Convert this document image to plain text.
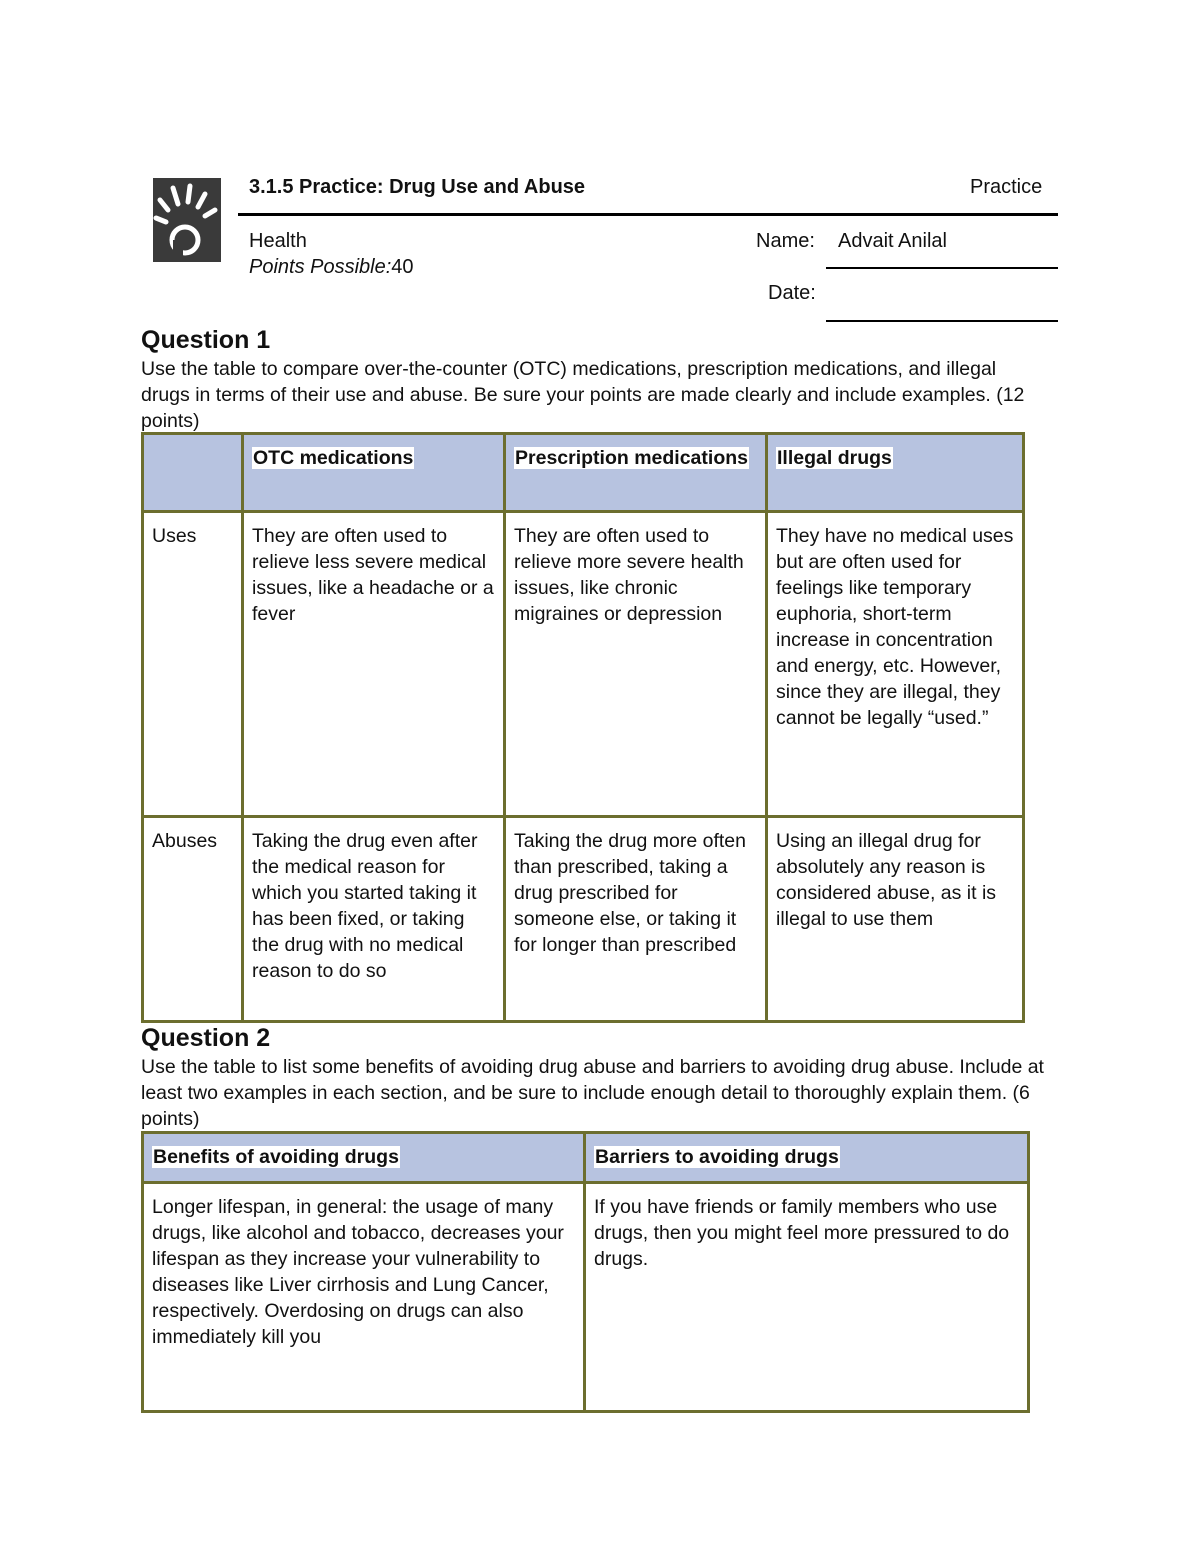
3.1.5 Practice: Drug Use and Abuse	Practice
Health
Points Possible:40
Name: Advait Anilal
Date:
Question 1
Use the table to compare over-the-counter (OTC) medications, prescription medications, and illegal drugs in terms of their use and abuse. Be sure your points are made clearly and include examples. (12 points)
	OTC medications	Prescription medications	Illegal drugs
Uses	They are often used to relieve less severe medical issues, like a headache or a fever	They are often used to relieve more severe health issues, like chronic migraines or depression	They have no medical uses but are often used for feelings like temporary euphoria, short-term increase in concentration and energy, etc. However, since they are illegal, they cannot be legally “used.”
Abuses	Taking the drug even after the medical reason for which you started taking it has been fixed, or taking the drug with no medical reason to do so	Taking the drug more often than prescribed, taking a drug prescribed for someone else, or taking it for longer than prescribed	Using an illegal drug for absolutely any reason is considered abuse, as it is illegal to use them
Question 2
Use the table to list some benefits of avoiding drug abuse and barriers to avoiding drug abuse. Include at least two examples in each section, and be sure to include enough detail to thoroughly explain them. (6 points)
Benefits of avoiding drugs	Barriers to avoiding drugs
Longer lifespan, in general: the usage of many drugs, like alcohol and tobacco, decreases your lifespan as they increase your vulnerability to diseases like Liver cirrhosis and Lung Cancer, respectively. Overdosing on drugs can also immediately kill you	If you have friends or family members who use drugs, then you might feel more pressured to do drugs.
